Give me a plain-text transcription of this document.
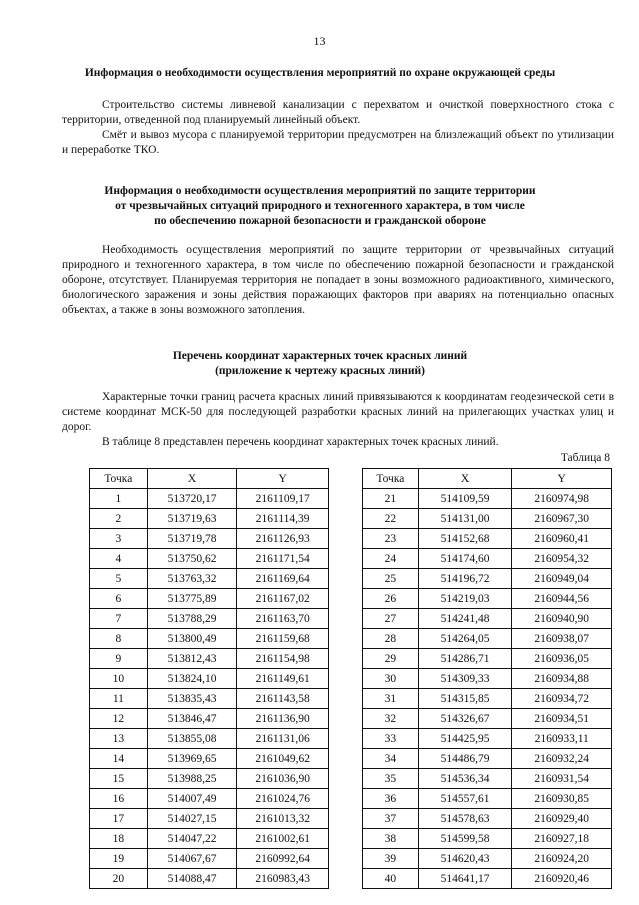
13
Информация о необходимости осуществления мероприятий по охране окружающей среды
Строительство системы ливневой канализации с перехватом и очисткой поверхностного стока с территории, отведенной под планируемый линейный объект.
Смёт и вывоз мусора с планируемой территории предусмотрен на близлежащий объект по утилизации и переработке ТКО.
Информация о необходимости осуществления мероприятий по защите территории
от чрезвычайных ситуаций природного и техногенного характера, в том числе
по обеспечению пожарной безопасности и гражданской обороне
Необходимость осуществления мероприятий по защите территории от чрезвычайных ситуаций природного и техногенного характера, в том числе по обеспечению пожарной безопасности и гражданской обороне, отсутствует. Планируемая территория не попадает в зоны возможного радиоактивного, химического, биологического заражения и зоны действия поражающих факторов при авариях на потенциально опасных объектах, а также в зоны возможного затопления.
Перечень координат характерных точек красных линий
(приложение к чертежу красных линий)
Характерные точки границ расчета красных линий привязываются к координатам геодезической сети в системе координат МСК-50 для последующей разработки красных линий на прилегающих участках улиц и дорог.
В таблице 8 представлен перечень координат характерных точек красных линий.
Таблица 8
Точка	X	Y
1	513720,17	2161109,17
2	513719,63	2161114,39
3	513719,78	2161126,93
4	513750,62	2161171,54
5	513763,32	2161169,64
6	513775,89	2161167,02
7	513788,29	2161163,70
8	513800,49	2161159,68
9	513812,43	2161154,98
10	513824,10	2161149,61
11	513835,43	2161143,58
12	513846,47	2161136,90
13	513855,08	2161131,06
14	513969,65	2161049,62
15	513988,25	2161036,90
16	514007,49	2161024,76
17	514027,15	2161013,32
18	514047,22	2161002,61
19	514067,67	2160992,64
20	514088,47	2160983,43
Точка	X	Y
21	514109,59	2160974,98
22	514131,00	2160967,30
23	514152,68	2160960,41
24	514174,60	2160954,32
25	514196,72	2160949,04
26	514219,03	2160944,56
27	514241,48	2160940,90
28	514264,05	2160938,07
29	514286,71	2160936,05
30	514309,33	2160934,88
31	514315,85	2160934,72
32	514326,67	2160934,51
33	514425,95	2160933,11
34	514486,79	2160932,24
35	514536,34	2160931,54
36	514557,61	2160930,85
37	514578,63	2160929,40
38	514599,58	2160927,18
39	514620,43	2160924,20
40	514641,17	2160920,46
